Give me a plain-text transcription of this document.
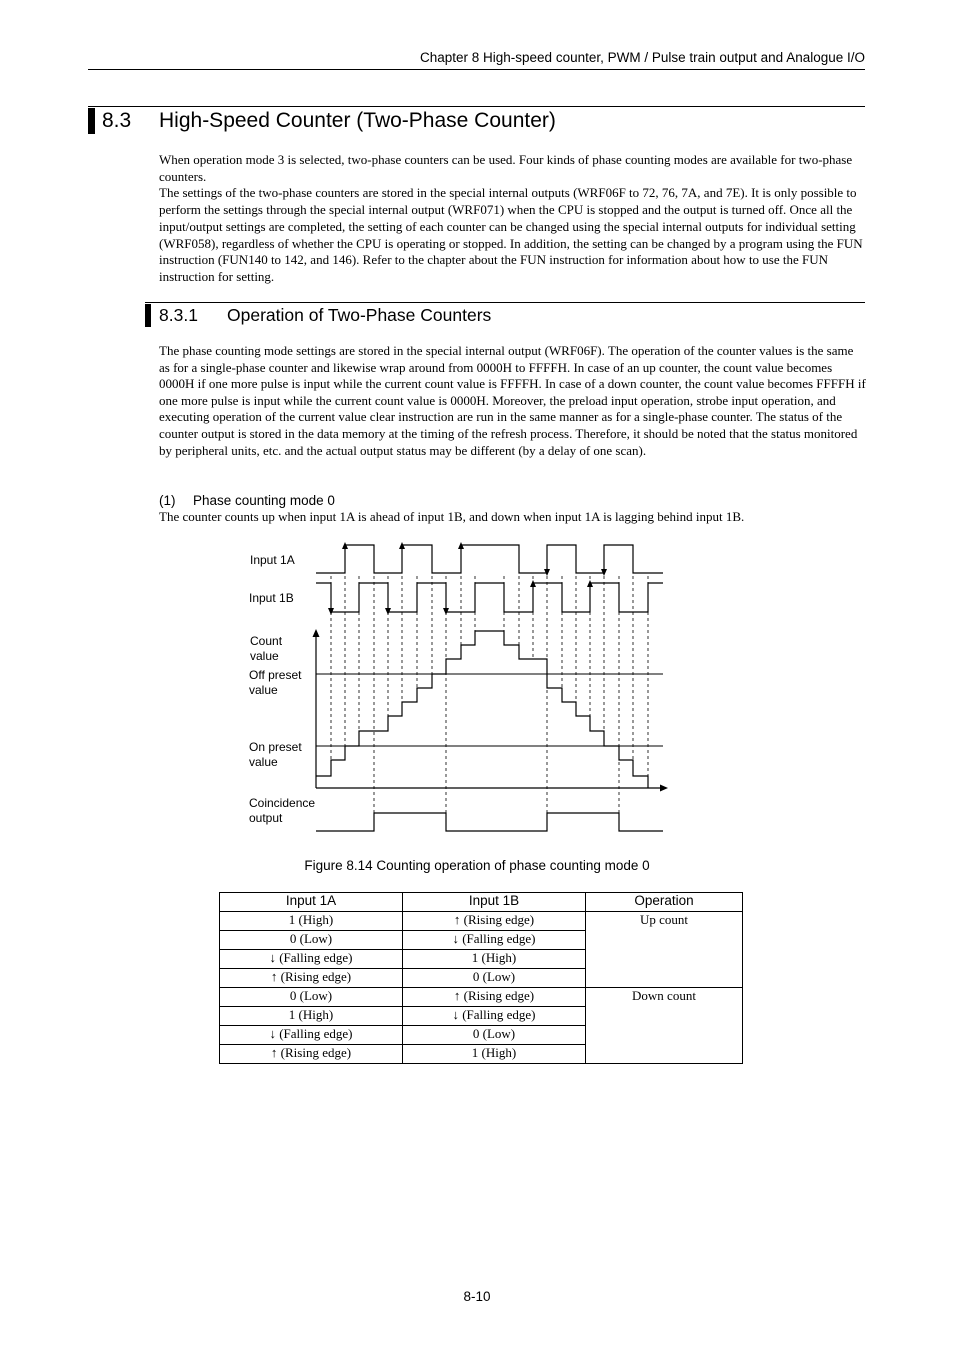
Chapter 8 High-speed counter, PWM / Pulse train output and Analogue I/O
8.3 High-Speed Counter (Two-Phase Counter)

When operation mode 3 is selected, two-phase counters can be used. Four kinds of phase counting modes are available for two-phase counters.

The settings of the two-phase counters are stored in the special internal outputs (WRF06F to 72, 76, 7A, and 7E). It is only possible to perform the settings through the special internal output (WRF071) when the CPU is stopped and the output is turned off. Once all the input/output settings are completed, the setting of each counter can be changed using the special internal outputs for individual setting (WRF058), regardless of whether the CPU is operating or stopped. In addition, the setting can be changed by a program using the FUN instruction (FUN140 to 142, and 146). Refer to the chapter about the FUN instruction for information about how to use the FUN instruction for setting.

8.3.1 Operation of Two-Phase Counters

The phase counting mode settings are stored in the special internal output (WRF06F). The operation of the counter values is the same as for a single-phase counter and likewise wrap around from 0000H to FFFFH. In case of an up counter, the count value becomes 0000H if one more pulse is input while the current count value is FFFFH. In case of a down counter, the count value becomes FFFFH if one more pulse is input while the current count value is 0000H. Moreover, the preload input operation, strobe input operation, and executing operation of the current value clear instruction are run in the same manner as for a single-phase counter. The status of the counter output is stored in the data memory at the timing of the refresh process. Therefore, it should be noted that the status monitored by peripheral units, etc. and the actual output status may be different (by a delay of one scan).

(1) Phase counting mode 0
The counter counts up when input 1A is ahead of input 1B, and down when input 1A is lagging behind input 1B.
Input 1A
Input 1B
Count
value
Off preset
value
On preset
value
Coincidence
output
Figure 8.14 Counting operation of phase counting mode 0
Input 1A	Input 1B	Operation
1 (High)	↑ (Rising edge)	Up count
0 (Low)	↓ (Falling edge)	
↓ (Falling edge)	1 (High)	
↑ (Rising edge)	0 (Low)	
0 (Low)	↑ (Rising edge)	Down count
1 (High)	↓ (Falling edge)	
↓ (Falling edge)	0 (Low)	
↑ (Rising edge)	1 (High)	
8-10
